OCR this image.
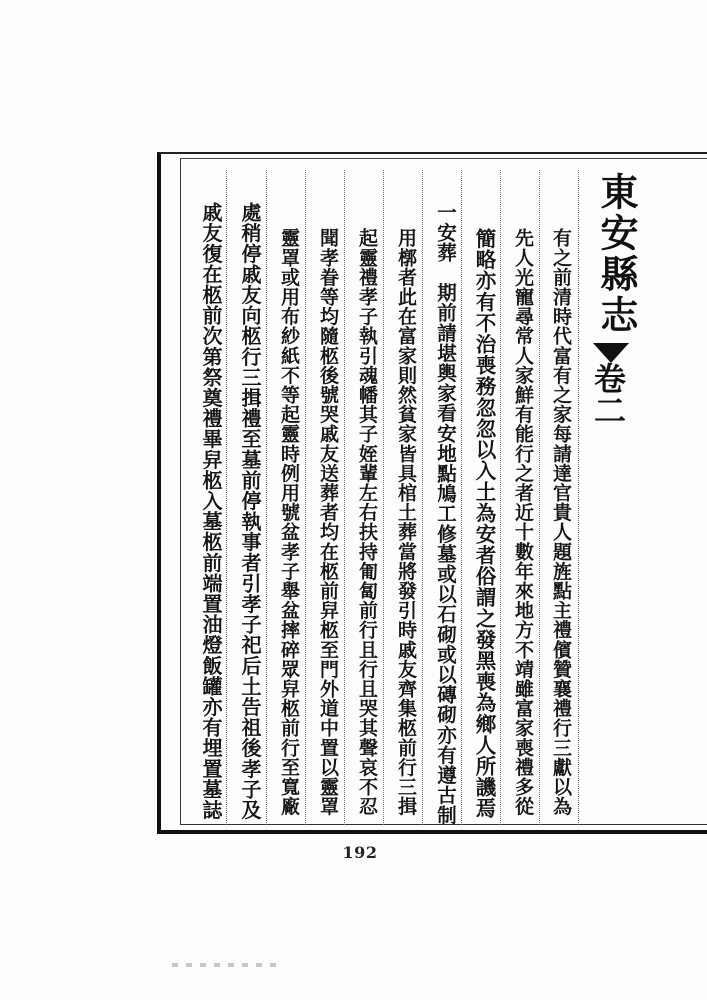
東安縣志
卷二
有之前清時代富有之家每請達官貴人題旌點主禮儐贊襄禮行三獻以為
先人光寵尋常人家鮮有能行之者近十數年來地方不靖雖富家喪禮多從
簡略亦有不治喪務忽忽以入土為安者俗謂之發黑喪為鄉人所譏焉
一安葬　期前請堪輿家看安地點鳩工修墓或以石砌或以磚砌亦有遵古制
用槨者此在富家則然貧家皆具棺土葬當將發引時戚友齊集柩前行三揖
起靈禮孝子執引魂幡其子姪輩左右扶持匍匐前行且行且哭其聲哀不忍
聞孝眷等均隨柩後號哭戚友送葬者均在柩前舁柩至門外道中置以靈罩
靈罩或用布紗紙不等起靈時例用號盆孝子舉盆摔碎眾舁柩前行至寬廠
處稍停戚友向柩行三揖禮至墓前停執事者引孝子祀后土告祖後孝子及
戚友復在柩前次第祭奠禮畢舁柩入墓柩前端置油燈飯罐亦有埋置墓誌
192
